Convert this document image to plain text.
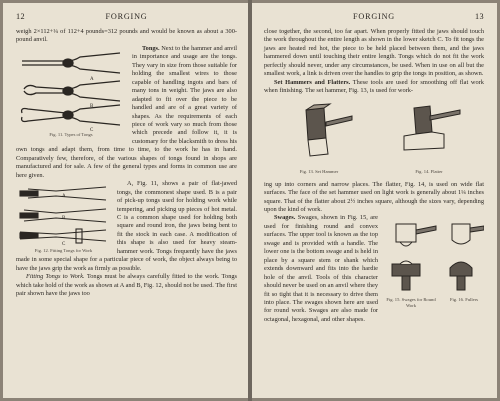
12	FORGING

weigh 2×112+¼ of 112+4 pounds=312 pounds and would be known as about a 300-pound anvil.

A
B
C
Fig. 11. Types of Tongs

Tongs. Next to the hammer and anvil in importance and usage are the tongs. They vary in size from those suitable for holding the smallest wires to those capable of handling ingots and bars of many tons in weight. The jaws are also adapted to fit over the piece to be handled and are of a great variety of shapes. As the requirements of each piece of work vary so much from those which precede and follow it, it is customary for the blacksmith to dress his own tongs and adapt them, from time to time, to the work he has in hand. Comparatively few, therefore, of the various shapes of tongs found in shops are manufactured and for sale. A few of the general types and forms in common use are here given.

A
B
C
Fig. 12. Fitting Tongs for Work

A, Fig. 11, shows a pair of flat-jawed tongs, the commonest shape used. B is a pair of pick-up tongs used for holding work while tempering, and picking up pieces of hot metal. C is a common shape used for holding both square and round iron, the jaws being bent to fit the stock in each case. A modification of this shape is also used for heavy steam-hammer work. Tongs frequently have the jaws made in some special shape for a particular piece of work, the object always being to have the jaws grip the work as firmly as possible.

Fitting Tongs to Work. Tongs must be always carefully fitted to the work. Tongs which take hold of the work as shown at A and B, Fig. 12, should not be used. The first pair shown have the jaws too

FORGING	13

close together, the second, too far apart. When properly fitted the jaws should touch the work throughout the entire length as shown in the lower sketch C. To fit tongs the jaws are heated red hot, the piece to be held placed between them, and the jaws hammered down until touching their entire length. Tongs which do not fit the work perfectly should never, under any circumstances, be used. When in use on all but the smallest work, a link is driven over the handles to grip the tongs in position, as shown.

Set Hammers and Flatters. These tools are used for smoothing off flat work when finishing. The set hammer, Fig. 13, is used for work-

Fig. 13. Set Hammer	Fig. 14. Flatter

ing up into corners and narrow places. The flatter, Fig. 14, is used on wide flat surfaces. The face of the set hammer used on light work is generally about 1¼ inches square. That of the flatter about 2½ inches square, although the sizes vary, depending upon the kind of work.

Fig. 15. Swages for Round Work
Fig. 16. Fullers

Swages. Swages, shown in Fig. 15, are used for finishing round and convex surfaces. The upper tool is known as the top swage and is provided with a handle. The lower one is the bottom swage and is held in place by a square stem or shank which extends downward and fits into the hardie hole of the anvil. Tools of this character should never be used on an anvil where they fit so tight that it is necessary to drive them into place. The swages shown here are used for round work. Swages are also made for octagonal, hexagonal, and other shapes.
